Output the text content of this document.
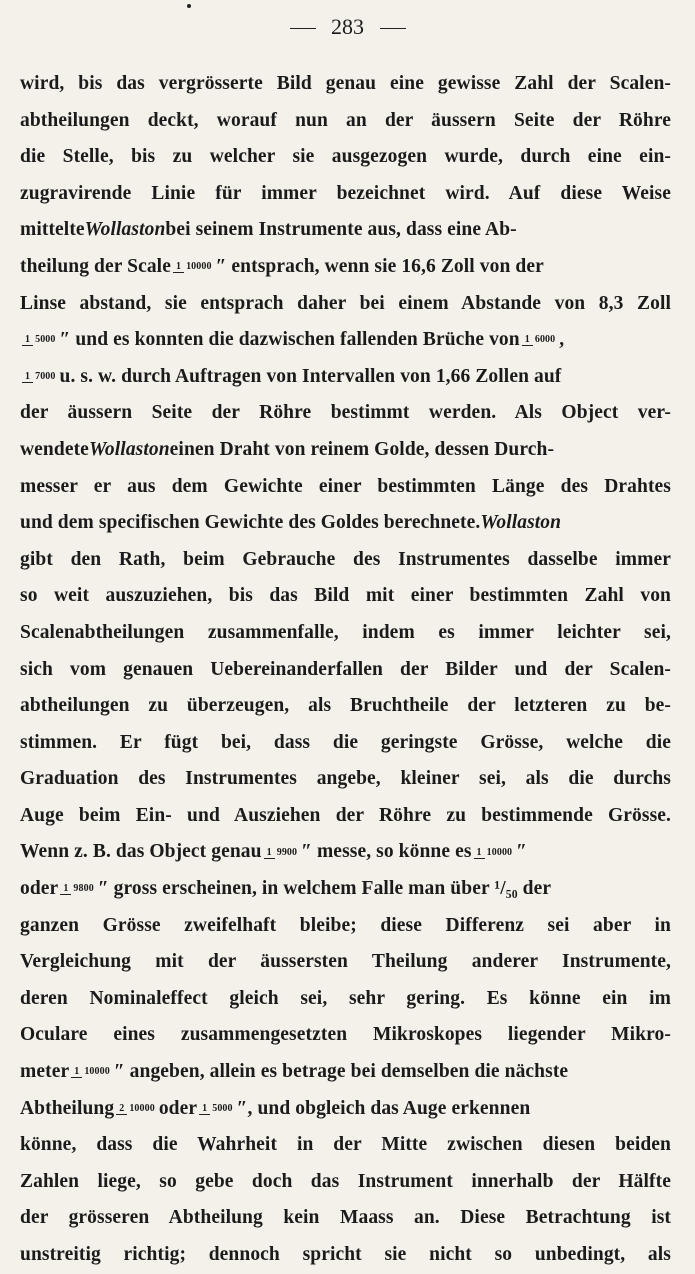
283
wird, bis das vergrösserte Bild genau eine gewisse Zahl der Scalen-
abtheilungen deckt, worauf nun an der äussern Seite der Röhre
die Stelle, bis zu welcher sie ausgezogen wurde, durch eine ein-
zugravirende Linie für immer bezeichnet wird. Auf diese Weise
mittelteWollastonbei seinem Instrumente aus, dass eine Ab-
theilung der Scale1 10000 ″ entsprach, wenn sie 16,6 Zoll von der
Linse abstand, sie entsprach daher bei einem Abstande von 8,3 Zoll
1 5000 ″ und es konnten die dazwischen fallenden Brüche von1 6000 ,
1 7000u. s. w. durch Auftragen von Intervallen von 1,66 Zollen auf
der äussern Seite der Röhre bestimmt werden. Als Object ver-
wendeteWollastoneinen Draht von reinem Golde, dessen Durch-
messer er aus dem Gewichte einer bestimmten Länge des Drahtes
und dem specifischen Gewichte des Goldes berechnete.Wollaston
gibt den Rath, beim Gebrauche des Instrumentes dasselbe immer
so weit auszuziehen, bis das Bild mit einer bestimmten Zahl von
Scalenabtheilungen zusammenfalle, indem es immer leichter sei,
sich vom genauen Uebereinanderfallen der Bilder und der Scalen-
abtheilungen zu überzeugen, als Bruchtheile der letzteren zu be-
stimmen. Er fügt bei, dass die geringste Grösse, welche die
Graduation des Instrumentes angebe, kleiner sei, als die durchs
Auge beim Ein- und Ausziehen der Röhre zu bestimmende Grösse.
Wenn z. B. das Object genau1 9900 ″ messe, so könne es1 10000 ″
oder1 9800 ″ gross erscheinen, in welchem Falle man über ¹/₅₀ der
ganzen Grösse zweifelhaft bleibe; diese Differenz sei aber in
Vergleichung mit der äussersten Theilung anderer Instrumente,
deren Nominaleffect gleich sei, sehr gering. Es könne ein im
Oculare eines zusammengesetzten Mikroskopes liegender Mikro-
meter1 10000 ″ angeben, allein es betrage bei demselben die nächste
Abtheilung2 10000oder1 5000 ″, und obgleich das Auge erkennen
könne, dass die Wahrheit in der Mitte zwischen diesen beiden
Zahlen liege, so gebe doch das Instrument innerhalb der Hälfte
der grösseren Abtheilung kein Maass an. Diese Betrachtung ist
unstreitig richtig; dennoch spricht sie nicht so unbedingt, als
